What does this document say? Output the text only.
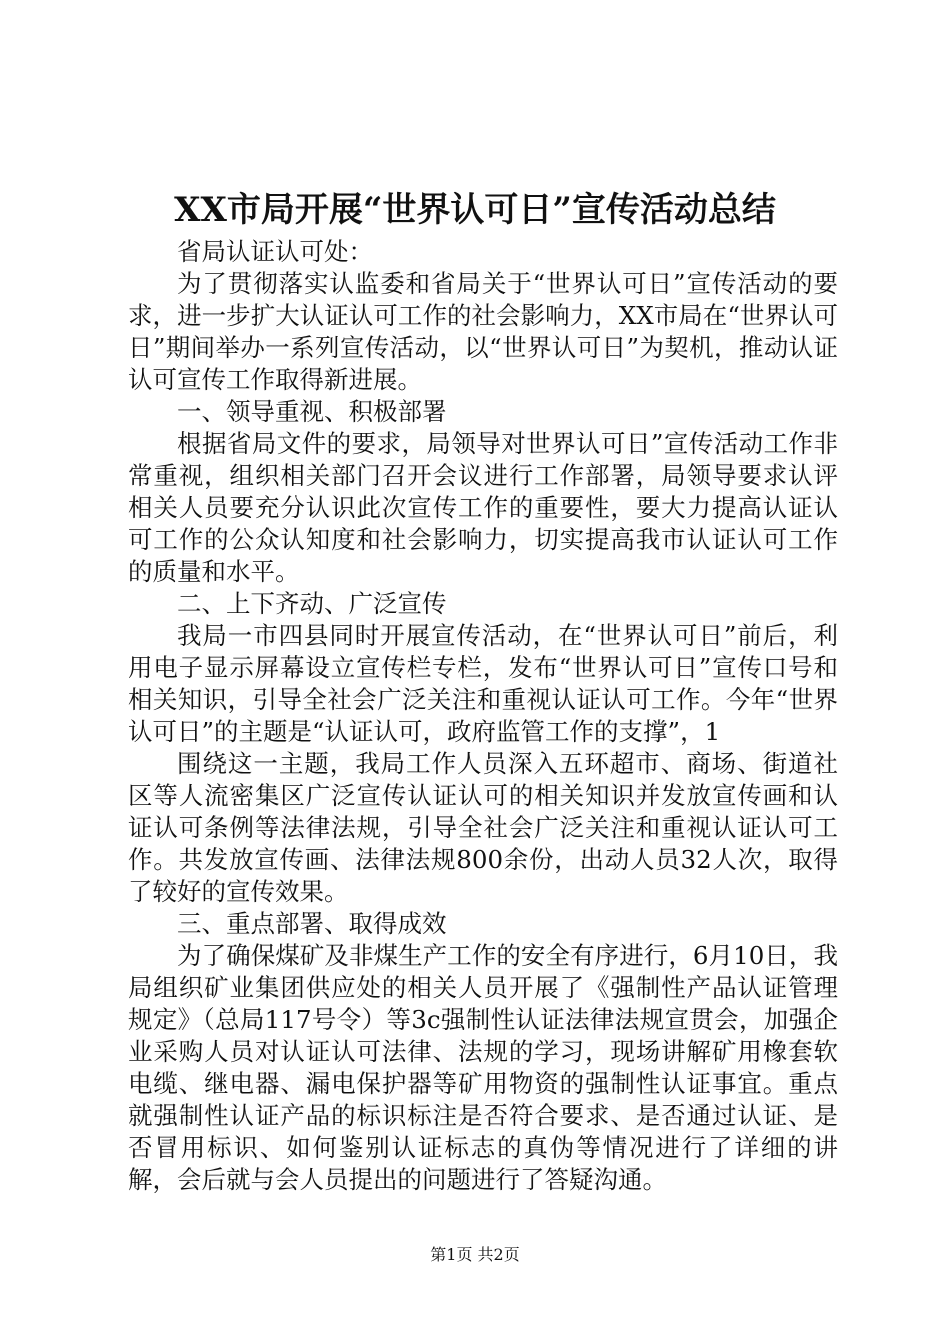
XX市局开展“世界认可日”宣传活动总结

省局认证认可处：

为了贯彻落实认监委和省局关于“世界认可日”宣传活动的要求，进一步扩大认证认可工作的社会影响力，XX市局在“世界认可日”期间举办一系列宣传活动，以“世界认可日”为契机，推动认证认可宣传工作取得新进展。

一、领导重视、积极部署

根据省局文件的要求，局领导对世界认可日”宣传活动工作非常重视，组织相关部门召开会议进行工作部署，局领导要求认评相关人员要充分认识此次宣传工作的重要性，要大力提高认证认可工作的公众认知度和社会影响力，切实提高我市认证认可工作的质量和水平。

二、上下齐动、广泛宣传

我局一市四县同时开展宣传活动，在“世界认可日”前后，利用电子显示屏幕设立宣传栏专栏，发布“世界认可日”宣传口号和相关知识，引导全社会广泛关注和重视认证认可工作。今年“世界认可日”的主题是“认证认可，政府监管工作的支撑”，1

围绕这一主题，我局工作人员深入五环超市、商场、街道社区等人流密集区广泛宣传认证认可的相关知识并发放宣传画和认证认可条例等法律法规，引导全社会广泛关注和重视认证认可工作。共发放宣传画、法律法规800余份，出动人员32人次，取得了较好的宣传效果。

三、重点部署、取得成效

为了确保煤矿及非煤生产工作的安全有序进行，6月10日，我局组织矿业集团供应处的相关人员开展了《强制性产品认证管理规定》（总局117号令）等3c强制性认证法律法规宣贯会，加强企业采购人员对认证认可法律、法规的学习，现场讲解矿用橡套软电缆、继电器、漏电保护器等矿用物资的强制性认证事宜。重点就强制性认证产品的标识标注是否符合要求、是否通过认证、是否冒用标识、如何鉴别认证标志的真伪等情况进行了详细的讲解，会后就与会人员提出的问题进行了答疑沟通。

第1页 共2页
